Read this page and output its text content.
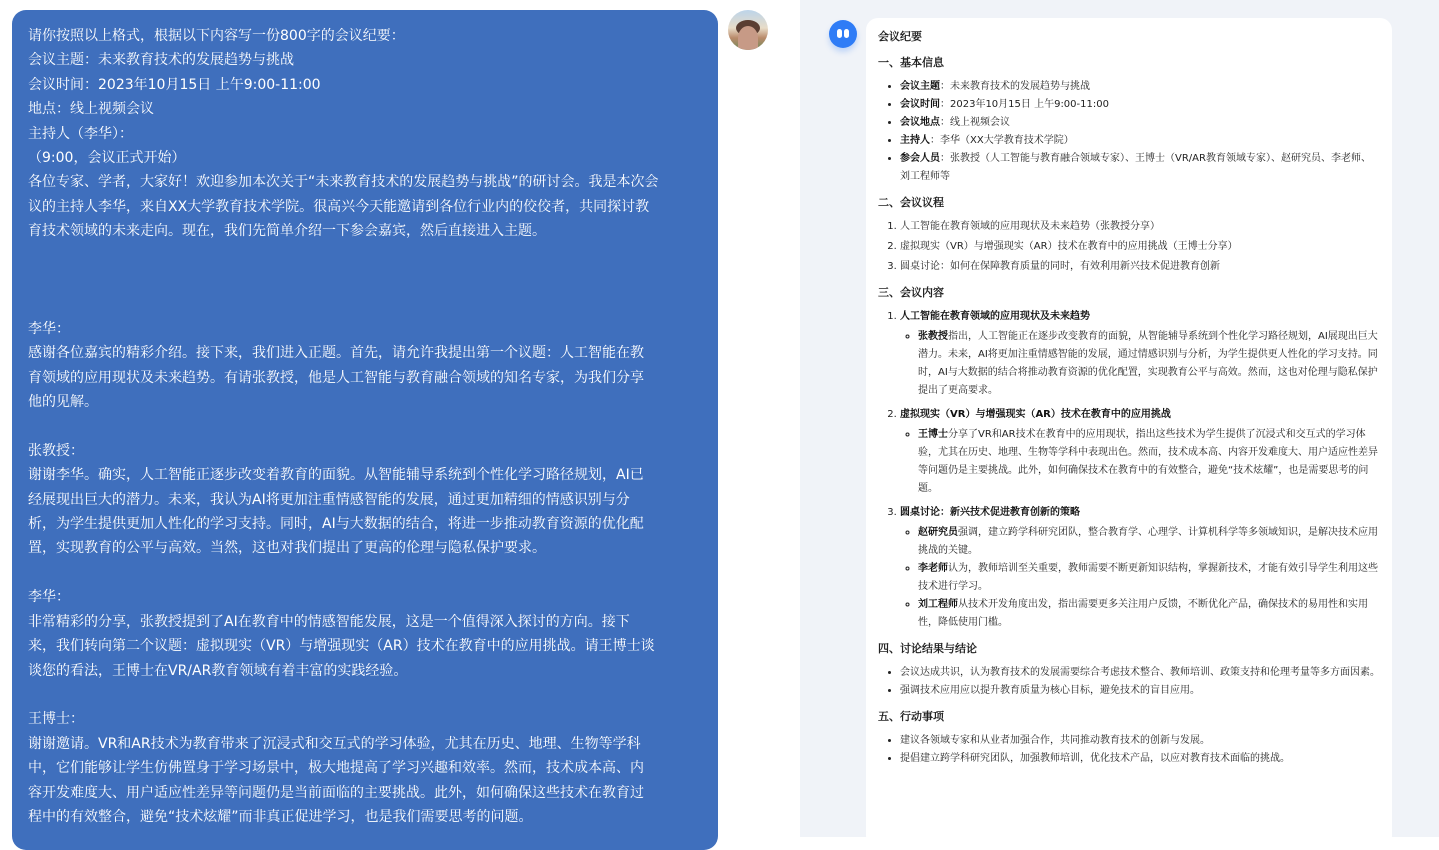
请你按照以上格式，根据以下内容写一份800字的会议纪要：
会议主题：未来教育技术的发展趋势与挑战
会议时间：2023年10月15日 上午9:00-11:00
地点：线上视频会议
主持人（李华）：
（9:00，会议正式开始）
各位专家、学者，大家好！欢迎参加本次关于“未来教育技术的发展趋势与挑战”的研讨会。我是本次会
议的主持人李华，来自XX大学教育技术学院。很高兴今天能邀请到各位行业内的佼佼者，共同探讨教
育技术领域的未来走向。现在，我们先简单介绍一下参会嘉宾，然后直接进入主题。
李华：
感谢各位嘉宾的精彩介绍。接下来，我们进入正题。首先，请允许我提出第一个议题：人工智能在教
育领域的应用现状及未来趋势。有请张教授，他是人工智能与教育融合领域的知名专家，为我们分享
他的见解。
张教授：
谢谢李华。确实，人工智能正逐步改变着教育的面貌。从智能辅导系统到个性化学习路径规划，AI已
经展现出巨大的潜力。未来，我认为AI将更加注重情感智能的发展，通过更加精细的情感识别与分
析，为学生提供更加人性化的学习支持。同时，AI与大数据的结合，将进一步推动教育资源的优化配
置，实现教育的公平与高效。当然，这也对我们提出了更高的伦理与隐私保护要求。
李华：
非常精彩的分享，张教授提到了AI在教育中的情感智能发展，这是一个值得深入探讨的方向。接下
来，我们转向第二个议题：虚拟现实（VR）与增强现实（AR）技术在教育中的应用挑战。请王博士谈
谈您的看法，王博士在VR/AR教育领域有着丰富的实践经验。
王博士：
谢谢邀请。VR和AR技术为教育带来了沉浸式和交互式的学习体验，尤其在历史、地理、生物等学科
中，它们能够让学生仿佛置身于学习场景中，极大地提高了学习兴趣和效率。然而，技术成本高、内
容开发难度大、用户适应性差异等问题仍是当前面临的主要挑战。此外，如何确保这些技术在教育过
程中的有效整合，避免“技术炫耀”而非真正促进学习，也是我们需要思考的问题。
会议纪要
一、基本信息
• 会议主题：未来教育技术的发展趋势与挑战
• 会议时间：2023年10月15日 上午9:00-11:00
• 会议地点：线上视频会议
• 主持人：李华（XX大学教育技术学院）
• 参会人员：张教授（人工智能与教育融合领域专家）、王博士（VR/AR教育领域专家）、赵研究员、李老师、刘工程师等
二、会议议程
1. 人工智能在教育领域的应用现状及未来趋势（张教授分享）
2. 虚拟现实（VR）与增强现实（AR）技术在教育中的应用挑战（王博士分享）
3. 圆桌讨论：如何在保障教育质量的同时，有效利用新兴技术促进教育创新
三、会议内容
1. 人工智能在教育领域的应用现状及未来趋势
◦ 张教授指出，人工智能正在逐步改变教育的面貌，从智能辅导系统到个性化学习路径规划，AI展现出巨大潜力。未来，AI将更加注重情感智能的发展，通过情感识别与分析，为学生提供更人性化的学习支持。同时，AI与大数据的结合将推动教育资源的优化配置，实现教育公平与高效。然而，这也对伦理与隐私保护提出了更高要求。
2. 虚拟现实（VR）与增强现实（AR）技术在教育中的应用挑战
◦ 王博士分享了VR和AR技术在教育中的应用现状，指出这些技术为学生提供了沉浸式和交互式的学习体验，尤其在历史、地理、生物等学科中表现出色。然而，技术成本高、内容开发难度大、用户适应性差异等问题仍是主要挑战。此外，如何确保技术在教育中的有效整合，避免“技术炫耀”，也是需要思考的问题。
3. 圆桌讨论：新兴技术促进教育创新的策略
◦ 赵研究员强调，建立跨学科研究团队，整合教育学、心理学、计算机科学等多领域知识，是解决技术应用挑战的关键。
◦ 李老师认为，教师培训至关重要，教师需要不断更新知识结构，掌握新技术，才能有效引导学生利用这些技术进行学习。
◦ 刘工程师从技术开发角度出发，指出需要更多关注用户反馈，不断优化产品，确保技术的易用性和实用性，降低使用门槛。
四、讨论结果与结论
• 会议达成共识，认为教育技术的发展需要综合考虑技术整合、教师培训、政策支持和伦理考量等多方面因素。
• 强调技术应用应以提升教育质量为核心目标，避免技术的盲目应用。
五、行动事项
• 建议各领域专家和从业者加强合作，共同推动教育技术的创新与发展。
• 提倡建立跨学科研究团队，加强教师培训，优化技术产品，以应对教育技术面临的挑战。
